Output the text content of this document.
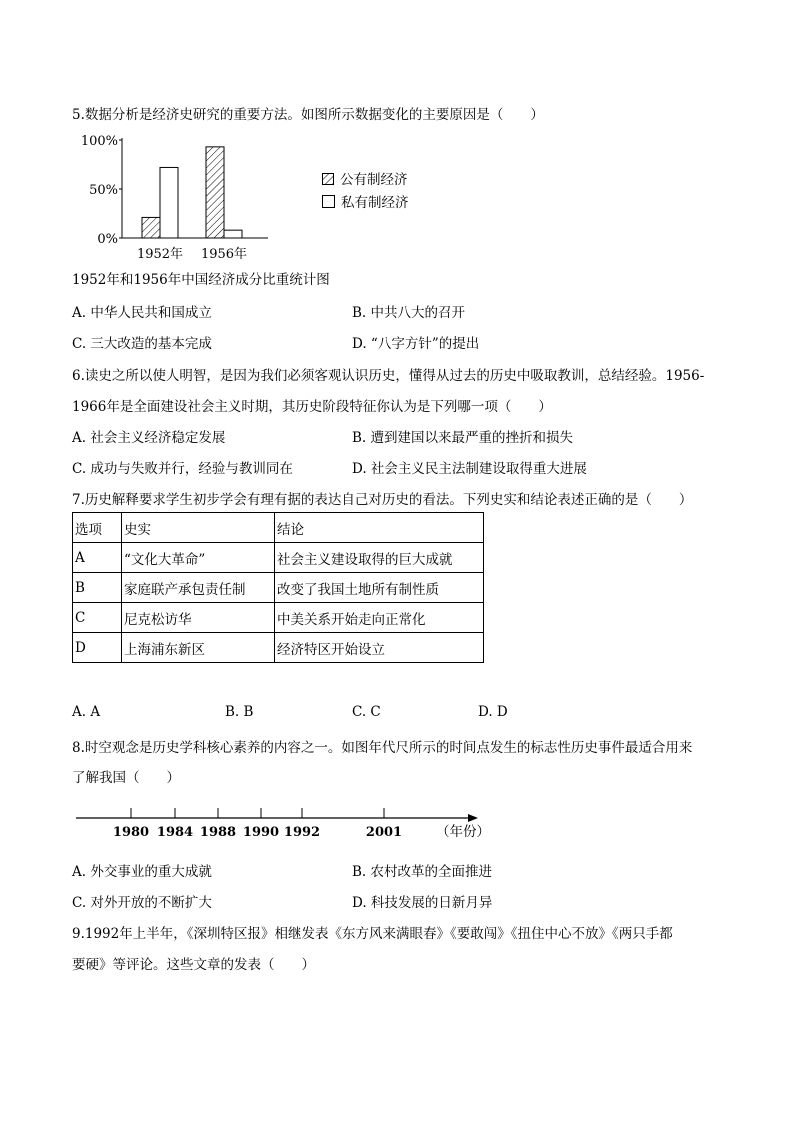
5.数据分析是经济史研究的重要方法。如图所示数据变化的主要原因是（　　）
100%
50%
0%
1952年 1956年
公有制经济
私有制经济
1952年和1956年中国经济成分比重统计图
A. 中华人民共和国成立	B. 中共八大的召开
C. 三大改造的基本完成	D. “八字方针”的提出
6.读史之所以使人明智，是因为我们必须客观认识历史，懂得从过去的历史中吸取教训，总结经验。1956-
1966年是全面建设社会主义时期，其历史阶段特征你认为是下列哪一项（　　）
A. 社会主义经济稳定发展	B. 遭到建国以来最严重的挫折和损失
C. 成功与失败并行，经验与教训同在	D. 社会主义民主法制建设取得重大进展
7.历史解释要求学生初步学会有理有据的表达自己对历史的看法。下列史实和结论表述正确的是（　　）
选项	史实	结论
A	“文化大革命”	社会主义建设取得的巨大成就
B	家庭联产承包责任制	改变了我国土地所有制性质
C	尼克松访华	中美关系开始走向正常化
D	上海浦东新区	经济特区开始设立
A. A	B. B	C. C	D. D
8.时空观念是历史学科核心素养的内容之一。如图年代尺所示的时间点发生的标志性历史事件最适合用来
了解我国（　　）
1980 1984 1988 1990 1992	2001	（年份）
A. 外交事业的重大成就	B. 农村改革的全面推进
C. 对外开放的不断扩大	D. 科技发展的日新月异
9.1992年上半年，《深圳特区报》相继发表《东方风来满眼春》《要敢闯》《扭住中心不放》《两只手都
要硬》等评论。这些文章的发表（　　）
